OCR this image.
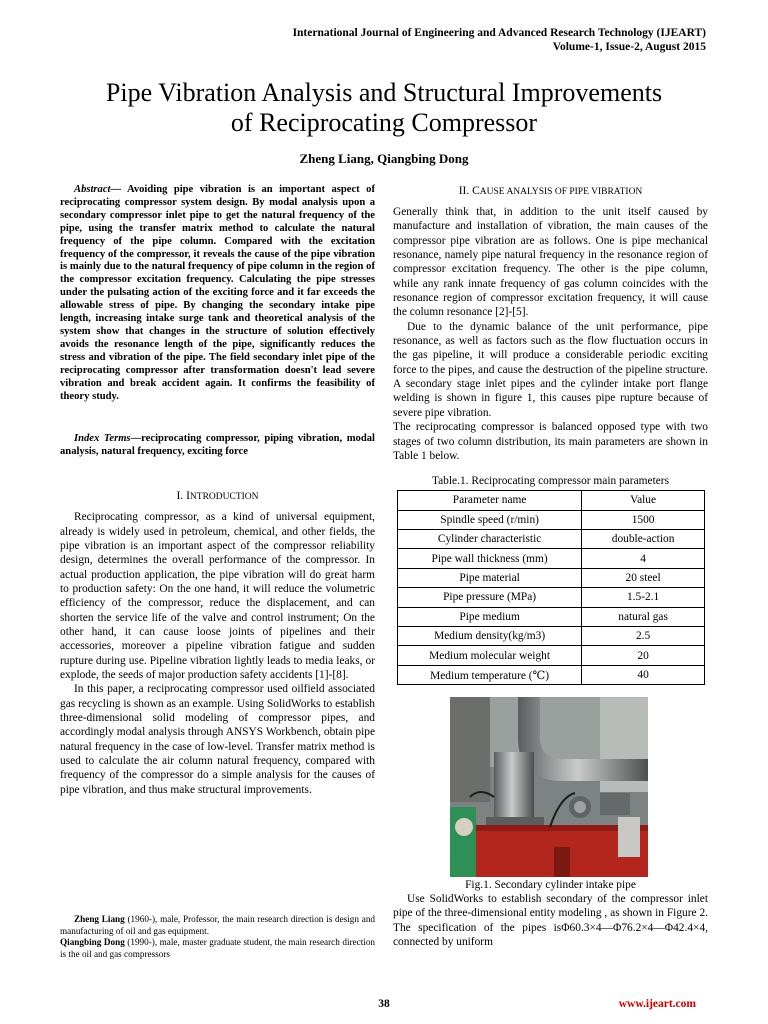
International Journal of Engineering and Advanced Research Technology (IJEART)
Volume-1, Issue-2, August 2015
Pipe Vibration Analysis and Structural Improvements
of Reciprocating Compressor
Zheng Liang, Qiangbing Dong

Abstract— Avoiding pipe vibration is an important aspect of reciprocating compressor system design. By modal analysis upon a secondary compressor inlet pipe to get the natural frequency of the pipe, using the transfer matrix method to calculate the natural frequency of the pipe column. Compared with the excitation frequency of the compressor, it reveals the cause of the pipe vibration is mainly due to the natural frequency of pipe column in the region of the compressor excitation frequency. Calculating the pipe stresses under the pulsating action of the exciting force and it far exceeds the allowable stress of pipe. By changing the secondary intake pipe length, increasing intake surge tank and theoretical analysis of the system show that changes in the structure of solution effectively avoids the resonance length of the pipe, significantly reduces the stress and vibration of the pipe. The field secondary inlet pipe of the reciprocating compressor after transformation doesn't lead severe vibration and break accident again. It confirms the feasibility of theory study.

Index Terms—reciprocating compressor, piping vibration, modal analysis, natural frequency, exciting force

I. INTRODUCTION

Reciprocating compressor, as a kind of universal equipment, already is widely used in petroleum, chemical, and other fields, the pipe vibration is an important aspect of the compressor reliability design, determines the overall performance of the compressor. In actual production application, the pipe vibration will do great harm to production safety: On the one hand, it will reduce the volumetric efficiency of the compressor, reduce the displacement, and can shorten the service life of the valve and control instrument; On the other hand, it can cause loose joints of pipelines and their accessories, moreover a pipeline vibration fatigue and sudden rupture during use. Pipeline vibration lightly leads to media leaks, or explode, the seeds of major production safety accidents [1]-[8].

In this paper, a reciprocating compressor used oilfield associated gas recycling is shown as an example. Using SolidWorks to establish three-dimensional solid modeling of compressor pipes, and accordingly modal analysis through ANSYS Workbench, obtain pipe natural frequency in the case of low-level. Transfer matrix method is used to calculate the air column natural frequency, compared with frequency of the compressor do a simple analysis for the causes of pipe vibration, and thus make structural improvements.

Zheng Liang (1960-), male, Professor, the main research direction is design and manufacturing of oil and gas equipment.

Qiangbing Dong (1990-), male, master graduate student, the main research direction is the oil and gas compressors

II. CAUSE ANALYSIS OF PIPE VIBRATION

Generally think that, in addition to the unit itself caused by manufacture and installation of vibration, the main causes of the compressor pipe vibration are as follows. One is pipe mechanical resonance, namely pipe natural frequency in the resonance region of compressor excitation frequency. The other is the pipe column, while any rank innate frequency of gas column coincides with the resonance region of compressor excitation frequency, it will cause the column resonance [2]-[5].

Due to the dynamic balance of the unit performance, pipe resonance, as well as factors such as the flow fluctuation occurs in the gas pipeline, it will produce a considerable periodic exciting force to the pipes, and cause the destruction of the pipeline structure. A secondary stage inlet pipes and the cylinder intake port flange welding is shown in figure 1, this causes pipe rupture because of severe pipe vibration.

The reciprocating compressor is balanced opposed type with two stages of two column distribution, its main parameters are shown in Table 1 below.

Table.1. Reciprocating compressor main parameters
Parameter name	Value
Spindle speed (r/min)	1500
Cylinder characteristic	double-action
Pipe wall thickness (mm)	4
Pipe material	20 steel
Pipe pressure (MPa)	1.5-2.1
Pipe medium	natural gas
Medium density(kg/m3)	2.5
Medium molecular weight	20
Medium temperature (℃)	40
Fig.1. Secondary cylinder intake pipe

Use SolidWorks to establish secondary of the compressor inlet pipe of the three-dimensional entity modeling , as shown in Figure 2. The specification of the pipes isΦ60.3×4—Φ76.2×4—Φ42.4×4, connected by uniform

38	www.ijeart.com
